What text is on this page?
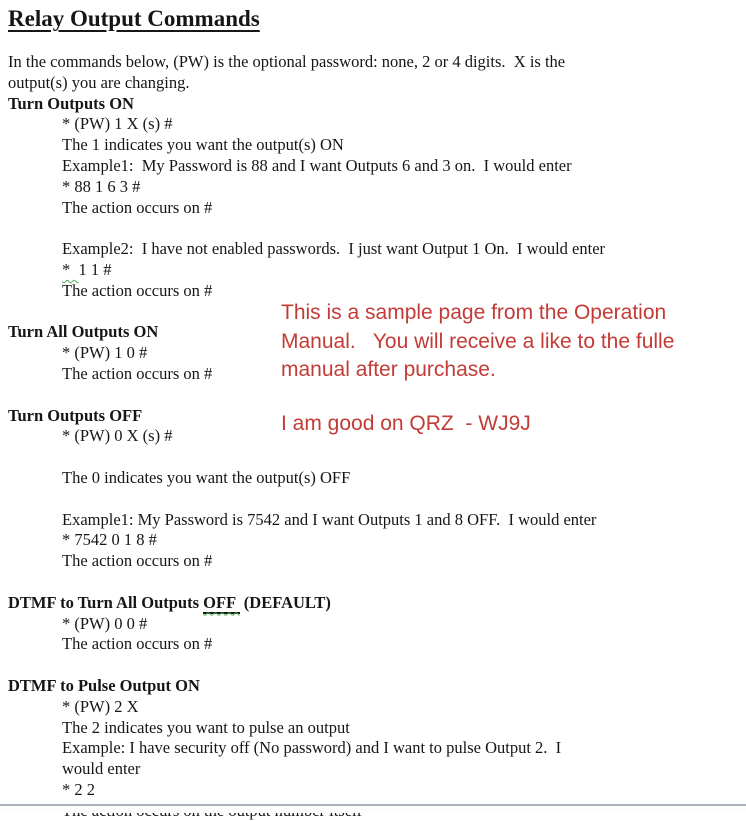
Relay Output Commands
In the commands below, (PW) is the optional password: none, 2 or 4 digits.  X is the
output(s) you are changing.
Turn Outputs ON
* (PW) 1 X (s) #
The 1 indicates you want the output(s) ON
Example1:  My Password is 88 and I want Outputs 6 and 3 on.  I would enter
* 88 1 6 3 #
The action occurs on #
Example2:  I have not enabled passwords.  I just want Output 1 On.  I would enter
*  1 1 #
The action occurs on #
Turn All Outputs ON
* (PW) 1 0 #
The action occurs on #
Turn Outputs OFF
* (PW) 0 X (s) #
The 0 indicates you want the output(s) OFF
Example1: My Password is 7542 and I want Outputs 1 and 8 OFF.  I would enter
* 7542 0 1 8 #
The action occurs on #
DTMF to Turn All Outputs OFF  (DEFAULT)
* (PW) 0 0 #
The action occurs on #
DTMF to Pulse Output ON
* (PW) 2 X
The 2 indicates you want to pulse an output
Example: I have security off (No password) and I want to pulse Output 2.  I
would enter
* 2 2
This is a sample page from the Operation
Manual.   You will receive a like to the fulle
manual after purchase.
I am good on QRZ  - WJ9J
